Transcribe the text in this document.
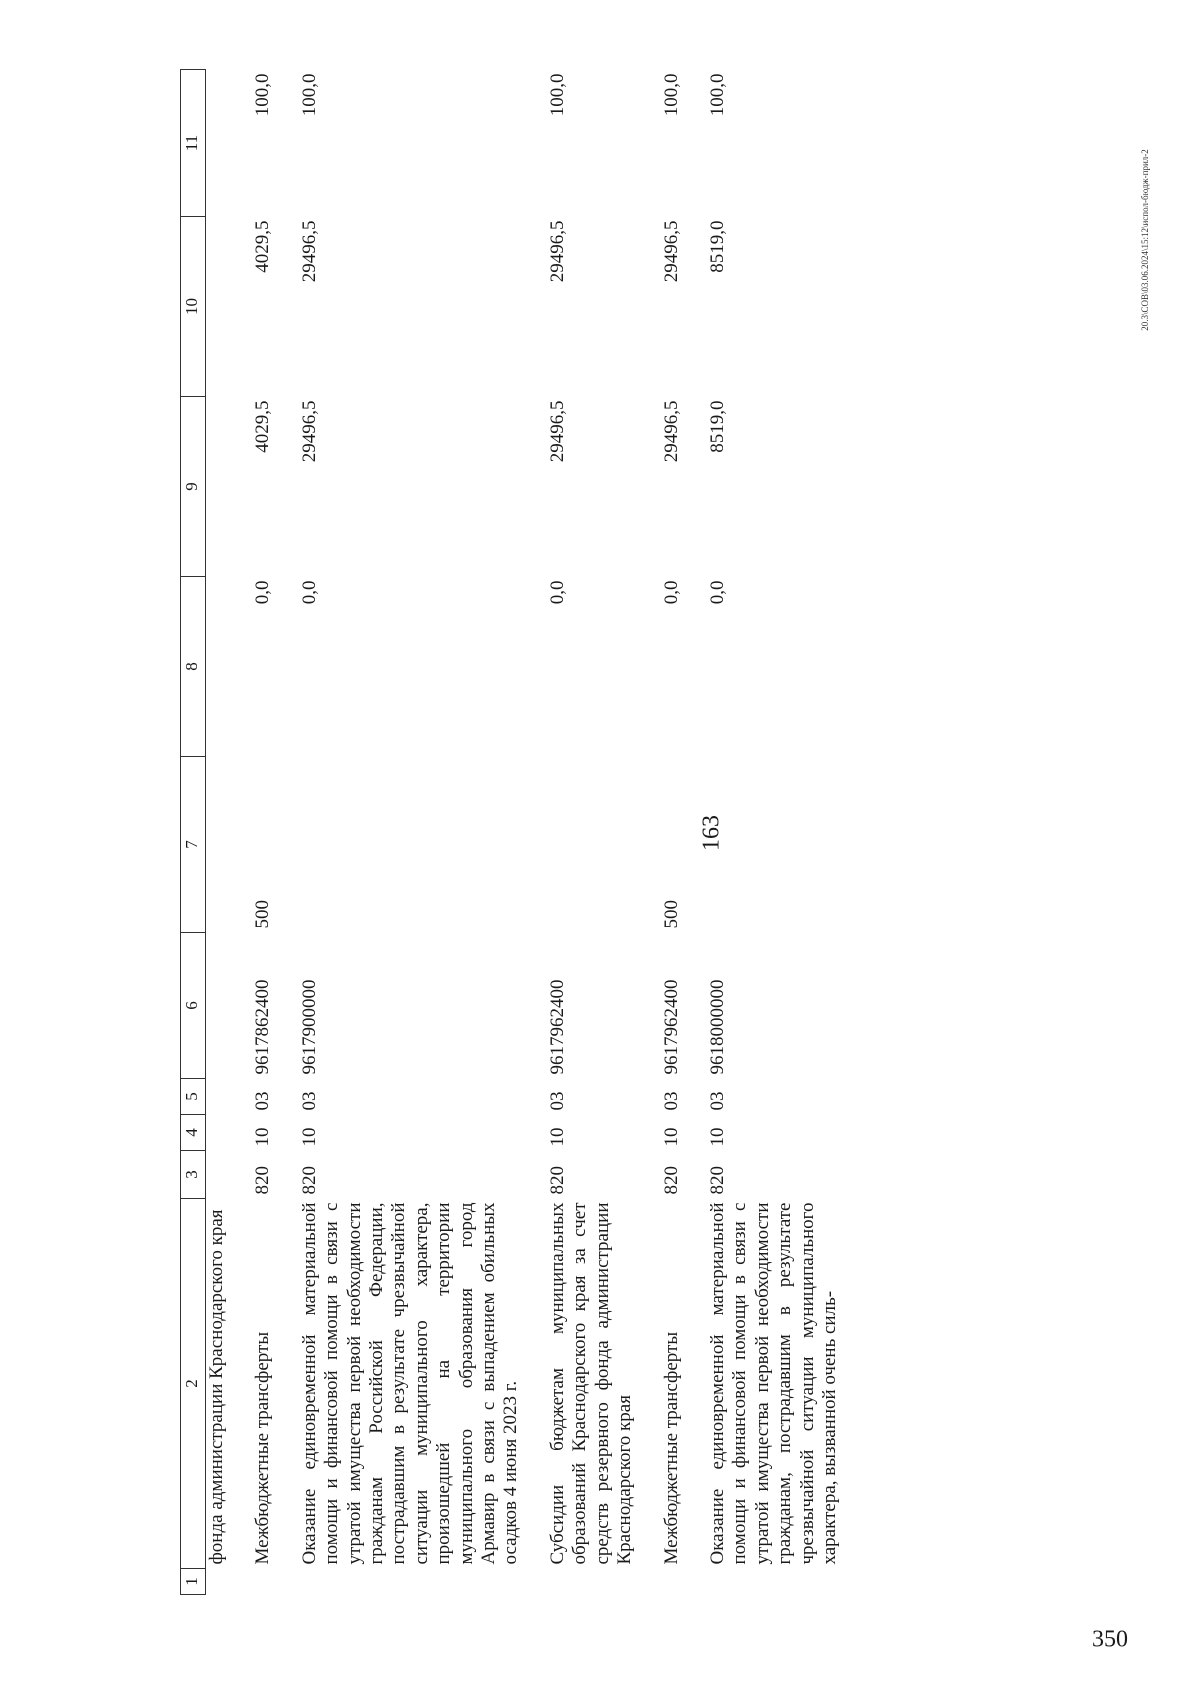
163
350
20.3\СОВ\03.06.2024\15:12\испол-бюдж-прил-2
1	2	3	4	5	6	7	8	9	10	11
	фонда администрации Краснодарского края									

	Межбюджетные трансферты	820	10	03	9617862400	500	0,0	4029,5	4029,5	100,0

	Оказание единовременной материальной помощи и финансовой помощи в связи с утратой имущества первой необходимости гражданам Российской Федерации, пострадавшим в результате чрезвычайной ситуации муниципального характера, произошедшей на территории муниципального образования город Армавир в связи с выпадением обильных осадков 4 июня 2023 г.	820	10	03	9617900000		0,0	29496,5	29496,5	100,0

	Субсидии бюджетам муниципальных образований Краснодарского края за счет средств резервного фонда администрации Краснодарского края	820	10	03	9617962400		0,0	29496,5	29496,5	100,0

	Межбюджетные трансферты	820	10	03	9617962400	500	0,0	29496,5	29496,5	100,0

	Оказание единовременной материальной помощи и финансовой помощи в связи с утратой имущества первой необходимости гражданам, пострадавшим в результате чрезвычайной ситуации муниципального характера, вызванной очень силь-	820	10	03	9618000000		0,0	8519,0	8519,0	100,0
